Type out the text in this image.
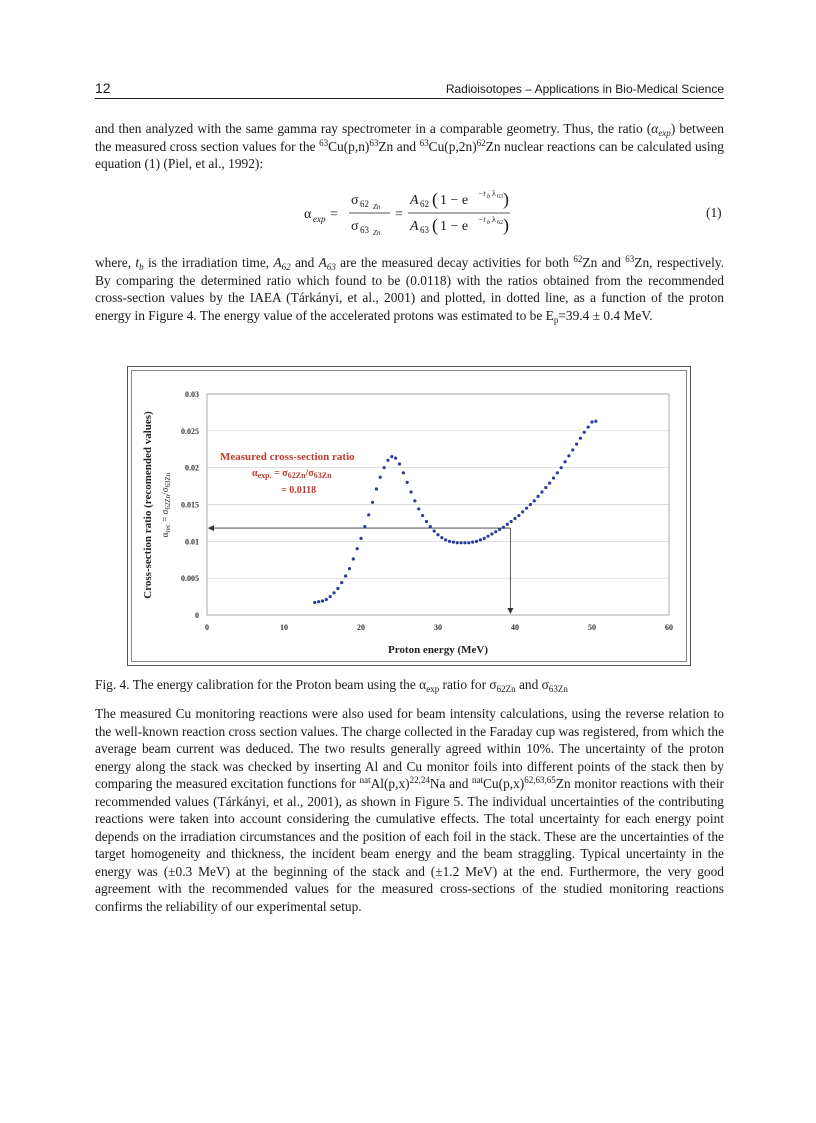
12	Radioisotopes – Applications in Bio-Medical Science

and then analyzed with the same gamma ray spectrometer in a comparable geometry. Thus, the ratio $(\alpha_{exp})$ between the measured cross section values for the $^{63}Cu(p,n)^{63}Zn$ and $^{63}Cu(p,2n)^{62}Zn$ nuclear reactions can be calculated using equation (1) (Piel, et al., 1992):

α exp =
σ 62 Zn
σ 63 Zn
=
A 62 ( 1 − e −t b λ 63 )
A 63 ( 1 − e −t b λ 62 )
(1)

where, $t_b$ is the irradiation time, $A_{62}$ and $A_{63}$ are the measured decay activities for both $^{62}$Zn and $^{63}$Zn, respectively. By comparing the determined ratio which found to be (0.0118) with the ratios obtained from the recommended cross-section values by the IAEA (Tárkányi, et al., 2001) and plotted, in dotted line, as a function of the proton energy in Figure 4. The energy value of the accelerated protons was estimated to be $E_p=39.4 \pm 0.4$ MeV.

0
0.005
0.01
0.015
0.02
0.025
0.03
0	10	20	30	40	50	60
Proton energy (MeV)
Cross-section ratio (recomended values) $\alpha_{rec} = \sigma_{62Zn}/\sigma_{63Zn}$
Measured cross-section ratio
$\alpha_{exp.} = \sigma_{62Zn}/\sigma_{63Zn}$
= 0.0118
Fig. 4. The energy calibration for the Proton beam using the $\alpha_{exp}$ ratio for $\sigma_{62Zn}$ and $\sigma_{63Zn}$

The measured Cu monitoring reactions were also used for beam intensity calculations, using the reverse relation to the well-known reaction cross section values. The charge collected in the Faraday cup was registered, from which the average beam current was deduced. The two results generally agreed within 10%. The uncertainty of the proton energy along the stack was checked by inserting Al and Cu monitor foils into different points of the stack then by comparing the measured excitation functions for $^{nat}Al(p,x)^{22,24}Na$ and $^{nat}Cu(p,x)^{62,63,65}Zn$ monitor reactions with their recommended values (Tárkányi, et al., 2001), as shown in Figure 5. The individual uncertainties of the contributing reactions were taken into account considering the cumulative effects. The total uncertainty for each energy point depends on the irradiation circumstances and the position of each foil in the stack. These are the uncertainties of the target homogeneity and thickness, the incident beam energy and the beam straggling. Typical uncertainty in the energy was (±0.3 MeV) at the beginning of the stack and (±1.2 MeV) at the end. Furthermore, the very good agreement with the recommended values for the measured cross-sections of the studied monitoring reactions confirms the reliability of our experimental setup.
